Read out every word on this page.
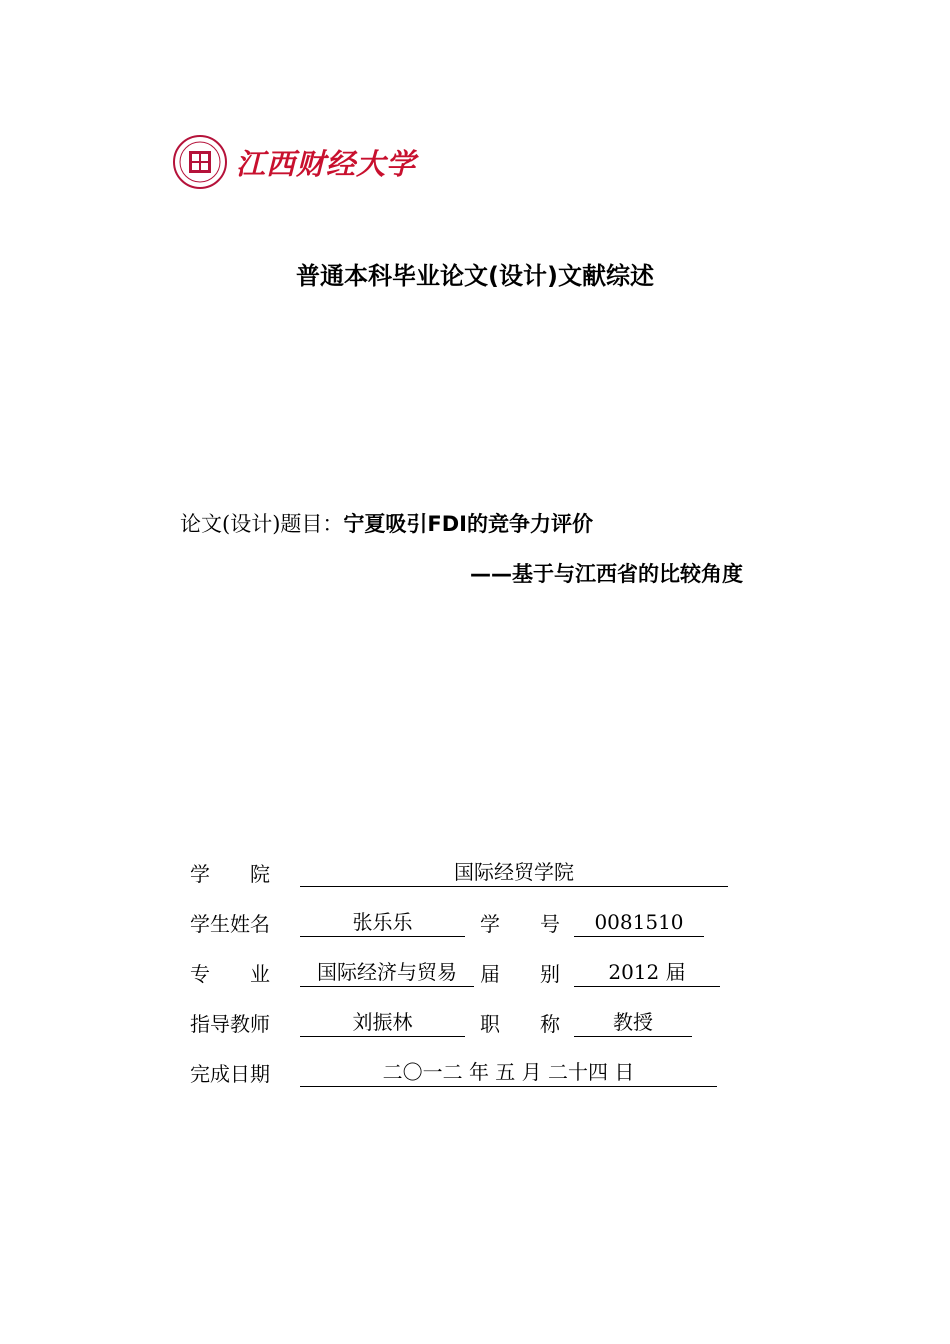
江西财经大学
普通本科毕业论文(设计)文献综述
论文(设计)题目：宁夏吸引FDI的竞争力评价
——基于与江西省的比较角度
学　　院	国际经贸学院
学生姓名	张乐乐	学　　号	0081510
专　　业	国际经济与贸易	届　　别	2012 届
指导教师	刘振林	职　　称	教授
完成日期	二〇一二 年 五 月 二十四 日
